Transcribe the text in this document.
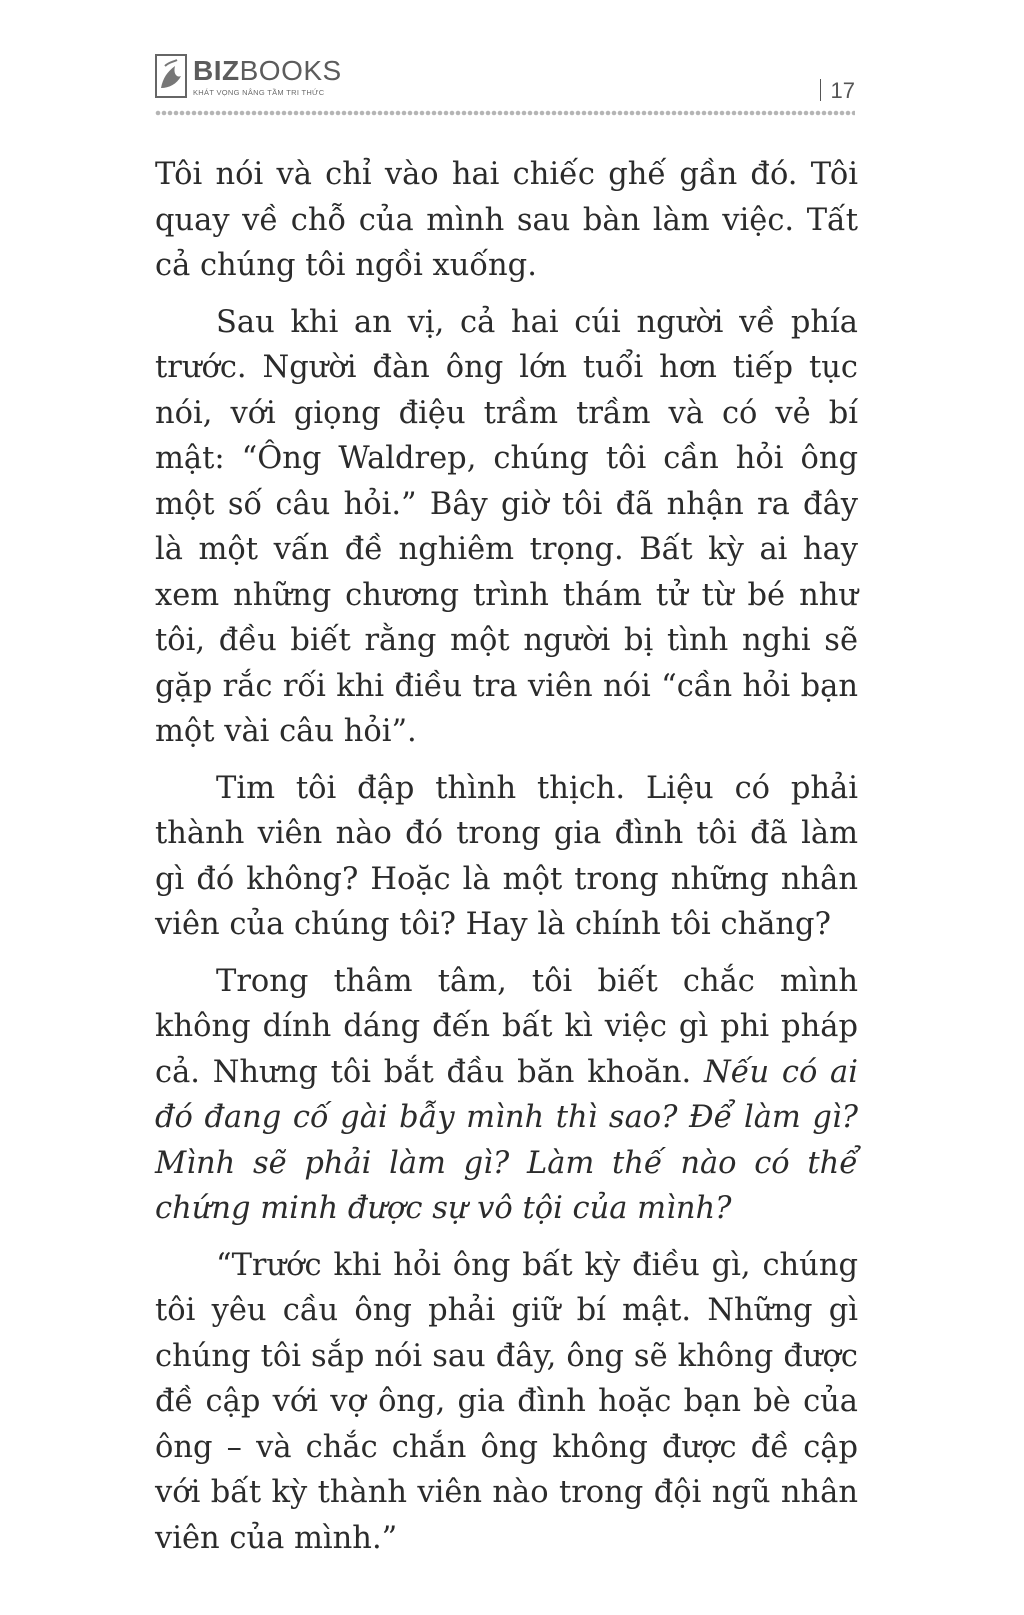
BIZBOOKS
KHÁT VỌNG NÂNG TẦM TRI THỨC	17

Tôi nói và chỉ vào hai chiếc ghế gần đó. Tôi quay về chỗ của mình sau bàn làm việc. Tất cả chúng tôi ngồi xuống.

Sau khi an vị, cả hai cúi người về phía trước. Người đàn ông lớn tuổi hơn tiếp tục nói, với giọng điệu trầm trầm và có vẻ bí mật: “Ông Waldrep, chúng tôi cần hỏi ông một số câu hỏi.” Bây giờ tôi đã nhận ra đây là một vấn đề nghiêm trọng. Bất kỳ ai hay xem những chương trình thám tử từ bé như tôi, đều biết rằng một người bị tình nghi sẽ gặp rắc rối khi điều tra viên nói “cần hỏi bạn một vài câu hỏi”.

Tim tôi đập thình thịch. Liệu có phải thành viên nào đó trong gia đình tôi đã làm gì đó không? Hoặc là một trong những nhân viên của chúng tôi? Hay là chính tôi chăng?

Trong thâm tâm, tôi biết chắc mình không dính dáng đến bất kì việc gì phi pháp cả. Nhưng tôi bắt đầu băn khoăn. Nếu có ai đó đang cố gài bẫy mình thì sao? Để làm gì? Mình sẽ phải làm gì? Làm thế nào có thể chứng minh được sự vô tội của mình?

“Trước khi hỏi ông bất kỳ điều gì, chúng tôi yêu cầu ông phải giữ bí mật. Những gì chúng tôi sắp nói sau đây, ông sẽ không được đề cập với vợ ông, gia đình hoặc bạn bè của ông – và chắc chắn ông không được đề cập với bất kỳ thành viên nào trong đội ngũ nhân viên của mình.”
